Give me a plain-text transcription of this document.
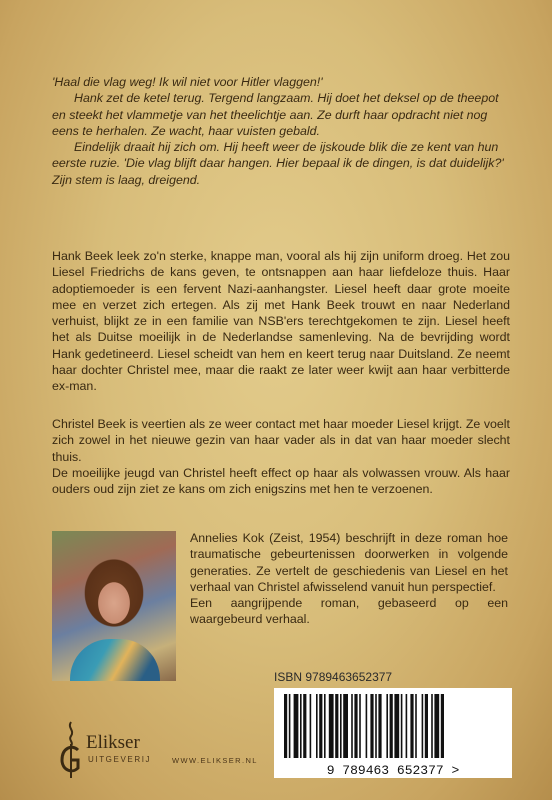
'Haal die vlag weg! Ik wil niet voor Hitler vlaggen!'

Hank zet de ketel terug. Tergend langzaam. Hij doet het deksel op de theepot en steekt het vlammetje van het theelichtje aan. Ze durft haar opdracht niet nog eens te herhalen. Ze wacht, haar vuisten gebald.

Eindelijk draait hij zich om. Hij heeft weer de ijskoude blik die ze kent van hun eerste ruzie. 'Die vlag blijft daar hangen. Hier bepaal ik de dingen, is dat duidelijk?' Zijn stem is laag, dreigend.

Hank Beek leek zo'n sterke, knappe man, vooral als hij zijn uniform droeg. Het zou Liesel Friedrichs de kans geven, te ontsnappen aan haar liefdeloze thuis. Haar adoptiemoeder is een fervent Nazi-aanhangster. Liesel heeft daar grote moeite mee en verzet zich ertegen. Als zij met Hank Beek trouwt en naar Nederland verhuist, blijkt ze in een familie van NSB'ers terechtgekomen te zijn. Liesel heeft het als Duitse moeilijk in de Nederlandse samenleving. Na de bevrijding wordt Hank gedetineerd. Liesel scheidt van hem en keert terug naar Duitsland. Ze neemt haar dochter Christel mee, maar die raakt ze later weer kwijt aan haar verbitterde ex-man.

Christel Beek is veertien als ze weer contact met haar moeder Liesel krijgt. Ze voelt zich zowel in het nieuwe gezin van haar vader als in dat van haar moeder slecht thuis.

De moeilijke jeugd van Christel heeft effect op haar als volwassen vrouw. Als haar ouders oud zijn ziet ze kans om zich enigszins met hen te verzoenen.

Annelies Kok (Zeist, 1954) beschrijft in deze roman hoe traumatische gebeurtenissen doorwerken in volgende generaties. Ze vertelt de geschiedenis van Liesel en het verhaal van Christel afwisselend vanuit hun perspectief.

Een aangrijpende roman, gebaseerd op een waargebeurd verhaal.

ISBN 9789463652377
9 789463 652377 >
Elikser
UITGEVERIJ	WWW.ELIKSER.NL
